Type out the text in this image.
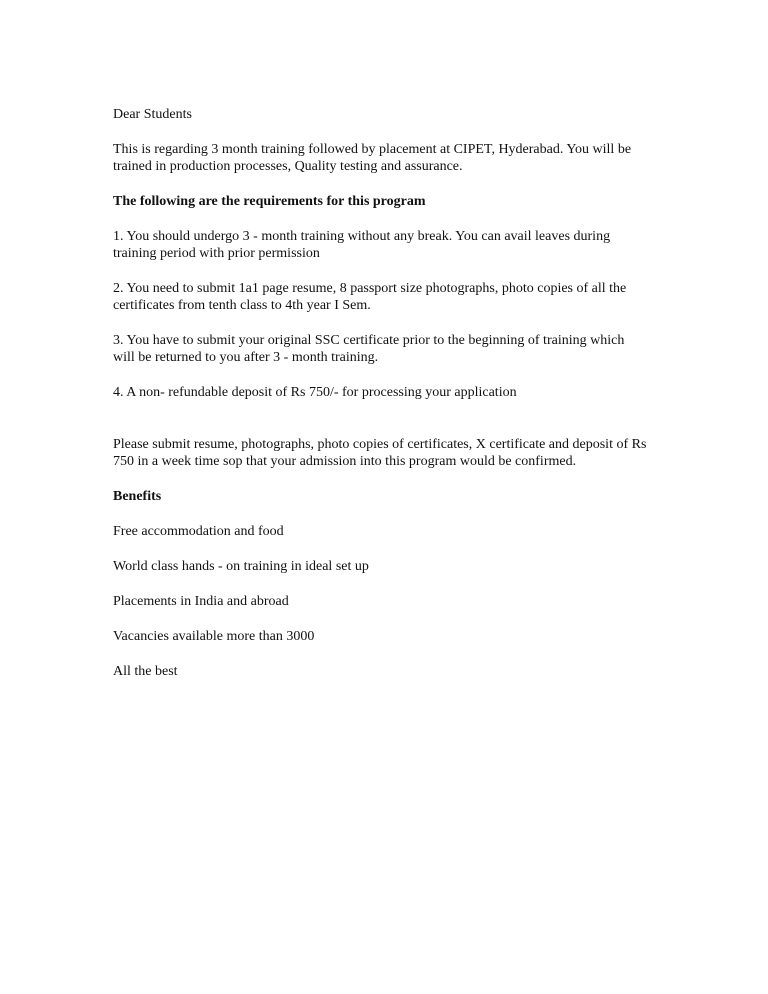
Dear Students

This is regarding 3 month training followed by placement at CIPET, Hyderabad. You will be trained in production processes, Quality testing and assurance.

The following are the requirements for this program

1. You should undergo 3 - month training without any break. You can avail leaves during training period with prior permission

2. You need to submit 1a1 page resume, 8 passport size photographs, photo copies of all the certificates from tenth class to 4th year I Sem.

3. You have to submit your original SSC certificate prior to the beginning of training which will be returned to you after 3 - month training.

4. A non- refundable deposit of Rs 750/- for processing your application

Please submit resume, photographs, photo copies of certificates, X certificate and deposit of Rs 750 in a week time sop that your admission into this program would be confirmed.

Benefits

Free accommodation and food

World class hands - on training in ideal set up

Placements in India and abroad

Vacancies available more than 3000

All the best
